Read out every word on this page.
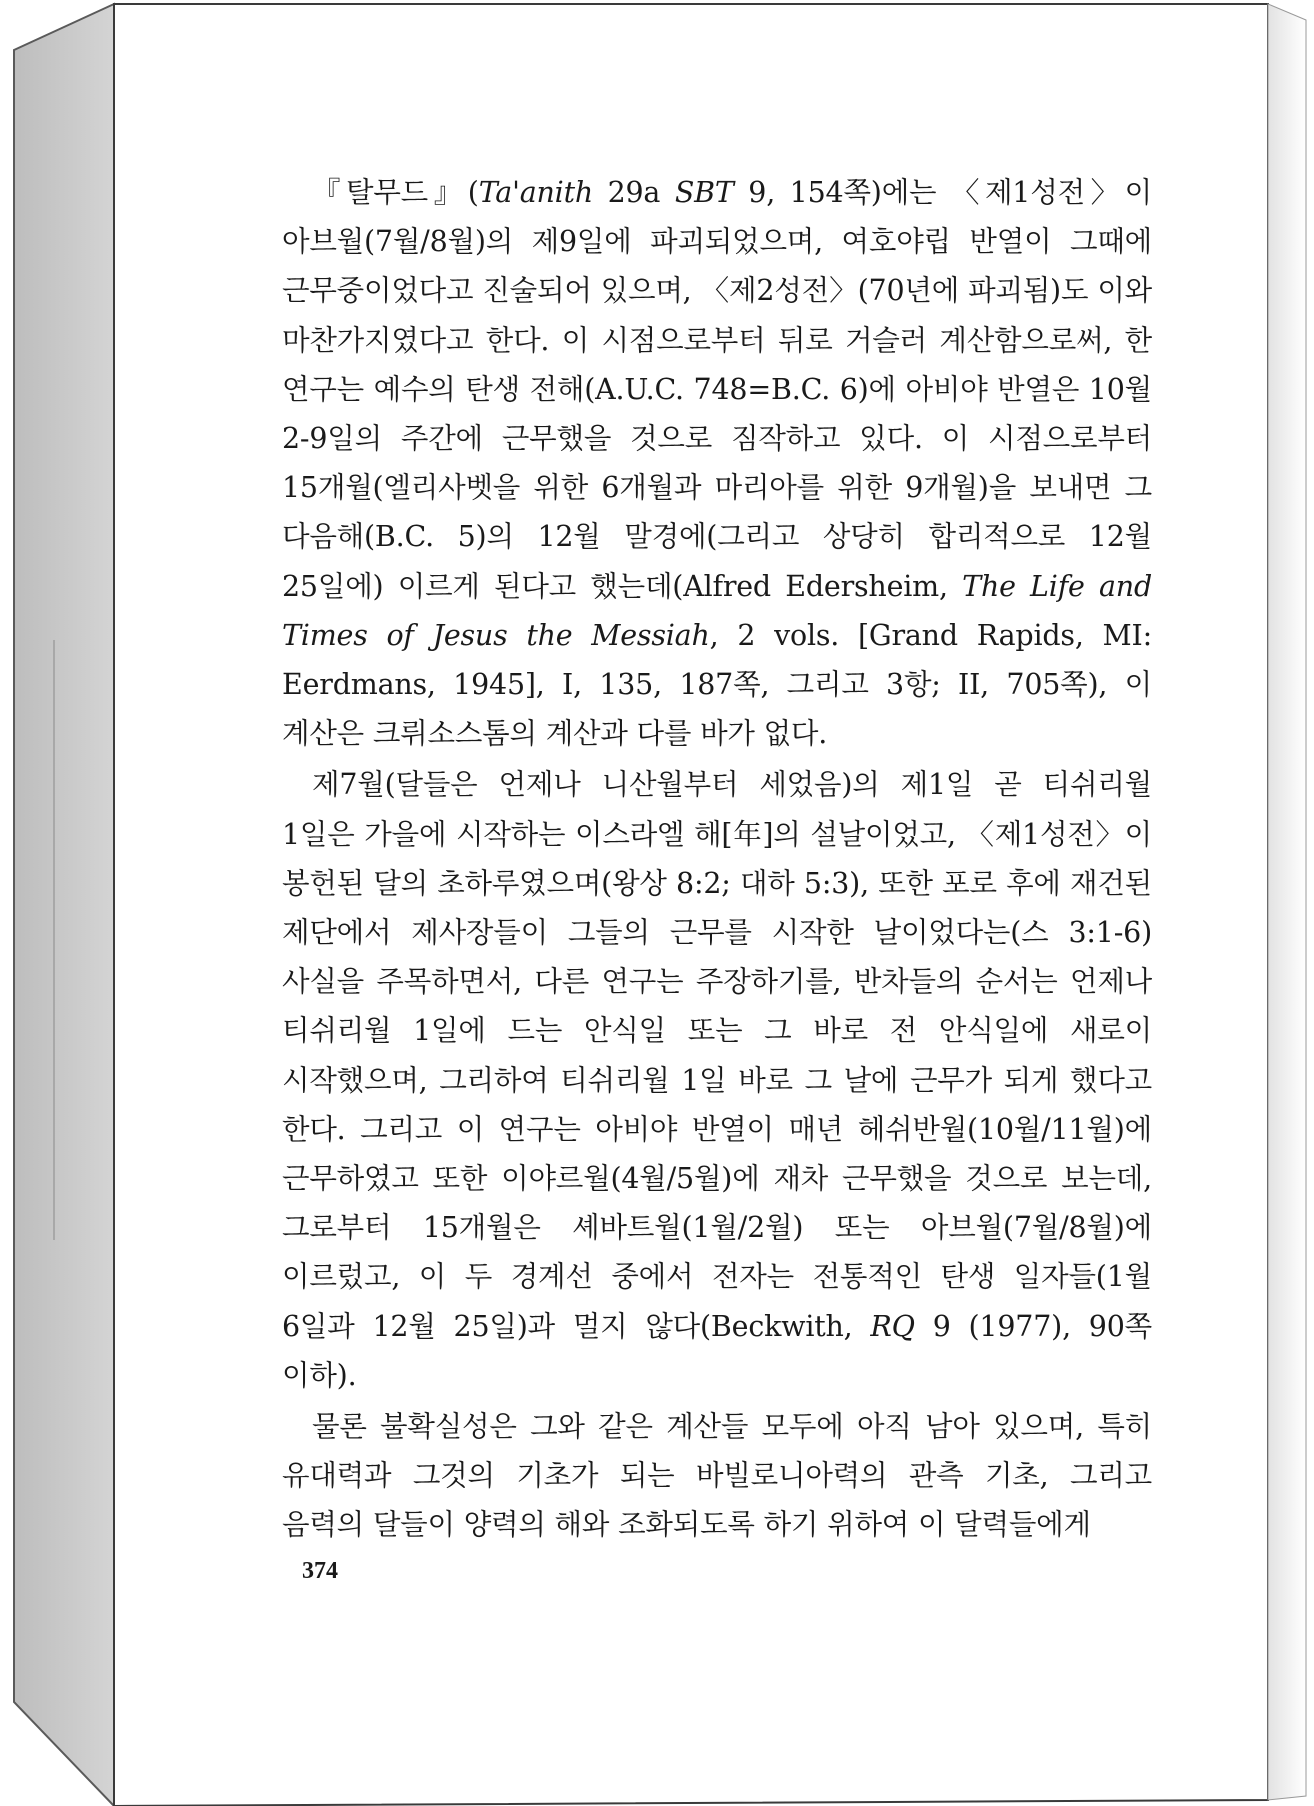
『탈무드』(Ta'anith 29a SBT 9, 154쪽)에는 〈제1성전〉이 아브월(7월/8월)의 제9일에 파괴되었으며, 여호야립 반열이 그때에 근무중이었다고 진술되어 있으며, 〈제2성전〉(70년에 파괴됨)도 이와 마찬가지였다고 한다. 이 시점으로부터 뒤로 거슬러 계산함으로써, 한 연구는 예수의 탄생 전해(A.U.C. 748=B.C. 6)에 아비야 반열은 10월 2-9일의 주간에 근무했을 것으로 짐작하고 있다. 이 시점으로부터 15개월(엘리사벳을 위한 6개월과 마리아를 위한 9개월)을 보내면 그 다음해(B.C. 5)의 12월 말경에(그리고 상당히 합리적으로 12월 25일에) 이르게 된다고 했는데(Alfred Edersheim, The Life and Times of Jesus the Messiah, 2 vols. [Grand Rapids, MI: Eerdmans, 1945], I, 135, 187쪽, 그리고 3항; II, 705쪽), 이 계산은 크뤼소스톰의 계산과 다를 바가 없다.

제7월(달들은 언제나 니산월부터 세었음)의 제1일 곧 티쉬리월 1일은 가을에 시작하는 이스라엘 해[年]의 설날이었고, 〈제1성전〉이 봉헌된 달의 초하루였으며(왕상 8:2; 대하 5:3), 또한 포로 후에 재건된 제단에서 제사장들이 그들의 근무를 시작한 날이었다는(스 3:1-6) 사실을 주목하면서, 다른 연구는 주장하기를, 반차들의 순서는 언제나 티쉬리월 1일에 드는 안식일 또는 그 바로 전 안식일에 새로이 시작했으며, 그리하여 티쉬리월 1일 바로 그 날에 근무가 되게 했다고 한다. 그리고 이 연구는 아비야 반열이 매년 헤쉬반월(10월/11월)에 근무하였고 또한 이야르월(4월/5월)에 재차 근무했을 것으로 보는데, 그로부터 15개월은 셰바트월(1월/2월) 또는 아브월(7월/8월)에 이르렀고, 이 두 경계선 중에서 전자는 전통적인 탄생 일자들(1월 6일과 12월 25일)과 멀지 않다(Beckwith, RQ 9 (1977), 90쪽 이하).

물론 불확실성은 그와 같은 계산들 모두에 아직 남아 있으며, 특히 유대력과 그것의 기초가 되는 바빌로니아력의 관측 기초, 그리고 음력의 달들이 양력의 해와 조화되도록 하기 위하여 이 달력들에게

374
